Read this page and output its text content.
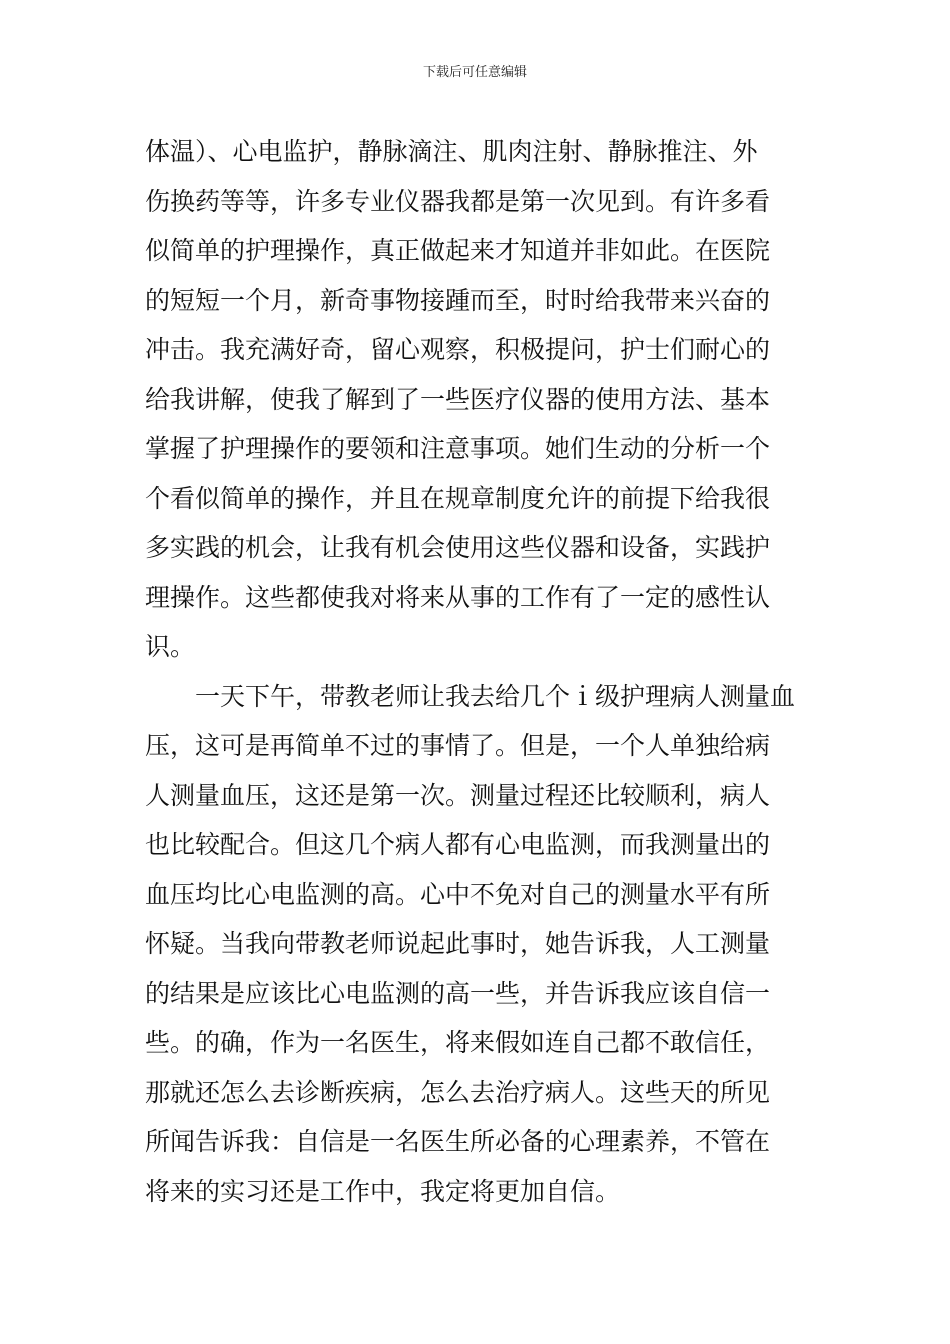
下载后可任意编辑
体温）、心电监护，静脉滴注、肌肉注射、静脉推注、外
伤换药等等，许多专业仪器我都是第一次见到。有许多看
似简单的护理操作，真正做起来才知道并非如此。在医院
的短短一个月，新奇事物接踵而至，时时给我带来兴奋的
冲击。我充满好奇，留心观察，积极提问，护士们耐心的
给我讲解，使我了解到了一些医疗仪器的使用方法、基本
掌握了护理操作的要领和注意事项。她们生动的分析一个
个看似简单的操作，并且在规章制度允许的前提下给我很
多实践的机会，让我有机会使用这些仪器和设备，实践护
理操作。这些都使我对将来从事的工作有了一定的感性认
识。
　　一天下午，带教老师让我去给几个ｉ级护理病人测量血
压，这可是再简单不过的事情了。但是，一个人单独给病
人测量血压，这还是第一次。测量过程还比较顺利，病人
也比较配合。但这几个病人都有心电监测，而我测量出的
血压均比心电监测的高。心中不免对自己的测量水平有所
怀疑。当我向带教老师说起此事时，她告诉我，人工测量
的结果是应该比心电监测的高一些，并告诉我应该自信一
些。的确，作为一名医生，将来假如连自己都不敢信任，
那就还怎么去诊断疾病，怎么去治疗病人。这些天的所见
所闻告诉我：自信是一名医生所必备的心理素养，不管在
将来的实习还是工作中，我定将更加自信。
